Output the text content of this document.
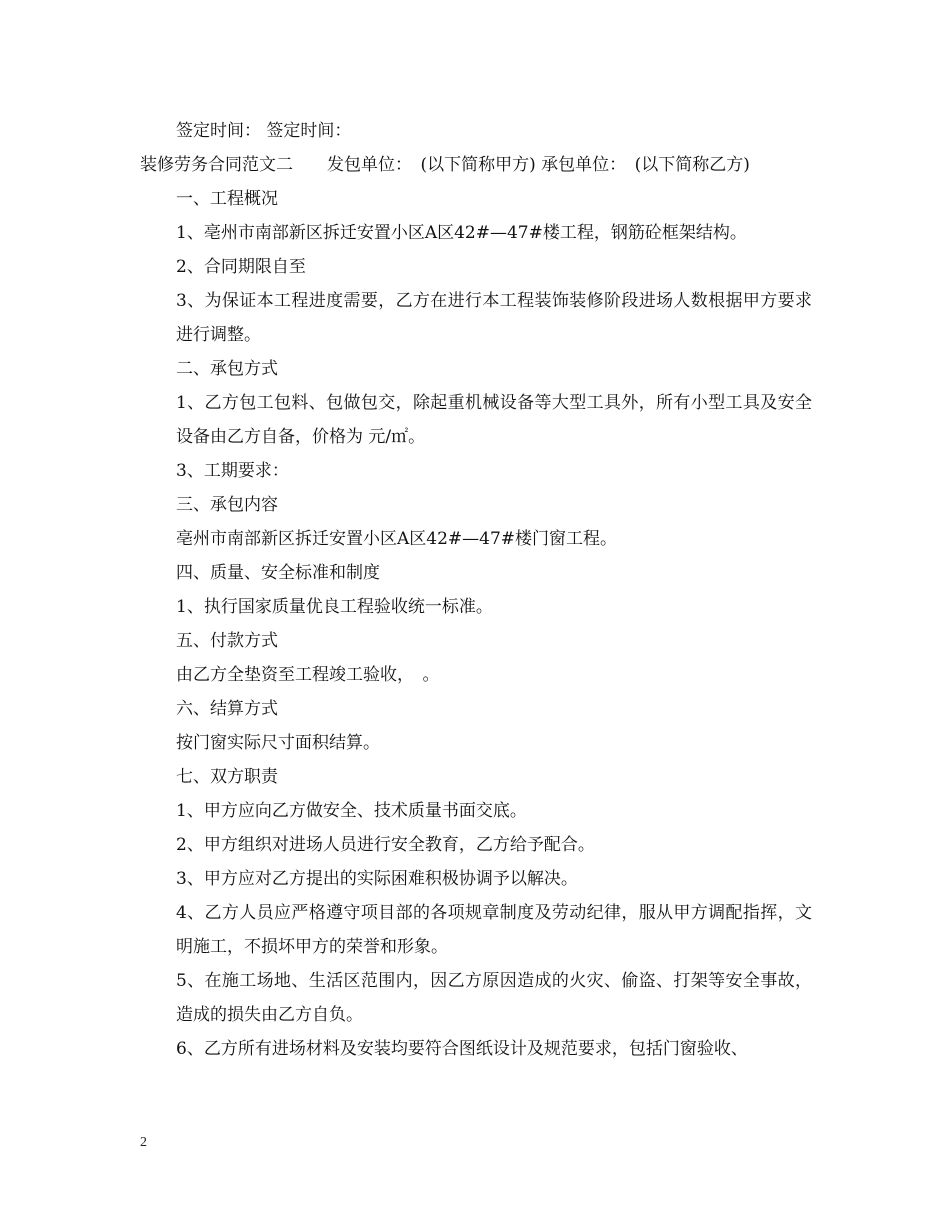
签定时间： 签定时间：
装修劳务合同范文二　　发包单位：　(以下简称甲方) 承包单位：　(以下简称乙方)
一、工程概况
1、亳州市南部新区拆迁安置小区A区42#—47#楼工程，钢筋砼框架结构。
2、合同期限自至
3、为保证本工程进度需要，乙方在进行本工程装饰装修阶段进场人数根据甲方要求进行调整。
二、承包方式
1、乙方包工包料、包做包交，除起重机械设备等大型工具外，所有小型工具及安全设备由乙方自备，价格为 元/㎡。
3、工期要求：
三、承包内容
亳州市南部新区拆迁安置小区A区42#—47#楼门窗工程。
四、质量、安全标准和制度
1、执行国家质量优良工程验收统一标准。
五、付款方式
由乙方全垫资至工程竣工验收，　。
六、结算方式
按门窗实际尺寸面积结算。
七、双方职责
1、甲方应向乙方做安全、技术质量书面交底。
2、甲方组织对进场人员进行安全教育，乙方给予配合。
3、甲方应对乙方提出的实际困难积极协调予以解决。
4、乙方人员应严格遵守项目部的各项规章制度及劳动纪律，服从甲方调配指挥，文明施工，不损坏甲方的荣誉和形象。
5、在施工场地、生活区范围内，因乙方原因造成的火灾、偷盗、打架等安全事故，造成的损失由乙方自负。
6、乙方所有进场材料及安装均要符合图纸设计及规范要求，包括门窗验收、
2
